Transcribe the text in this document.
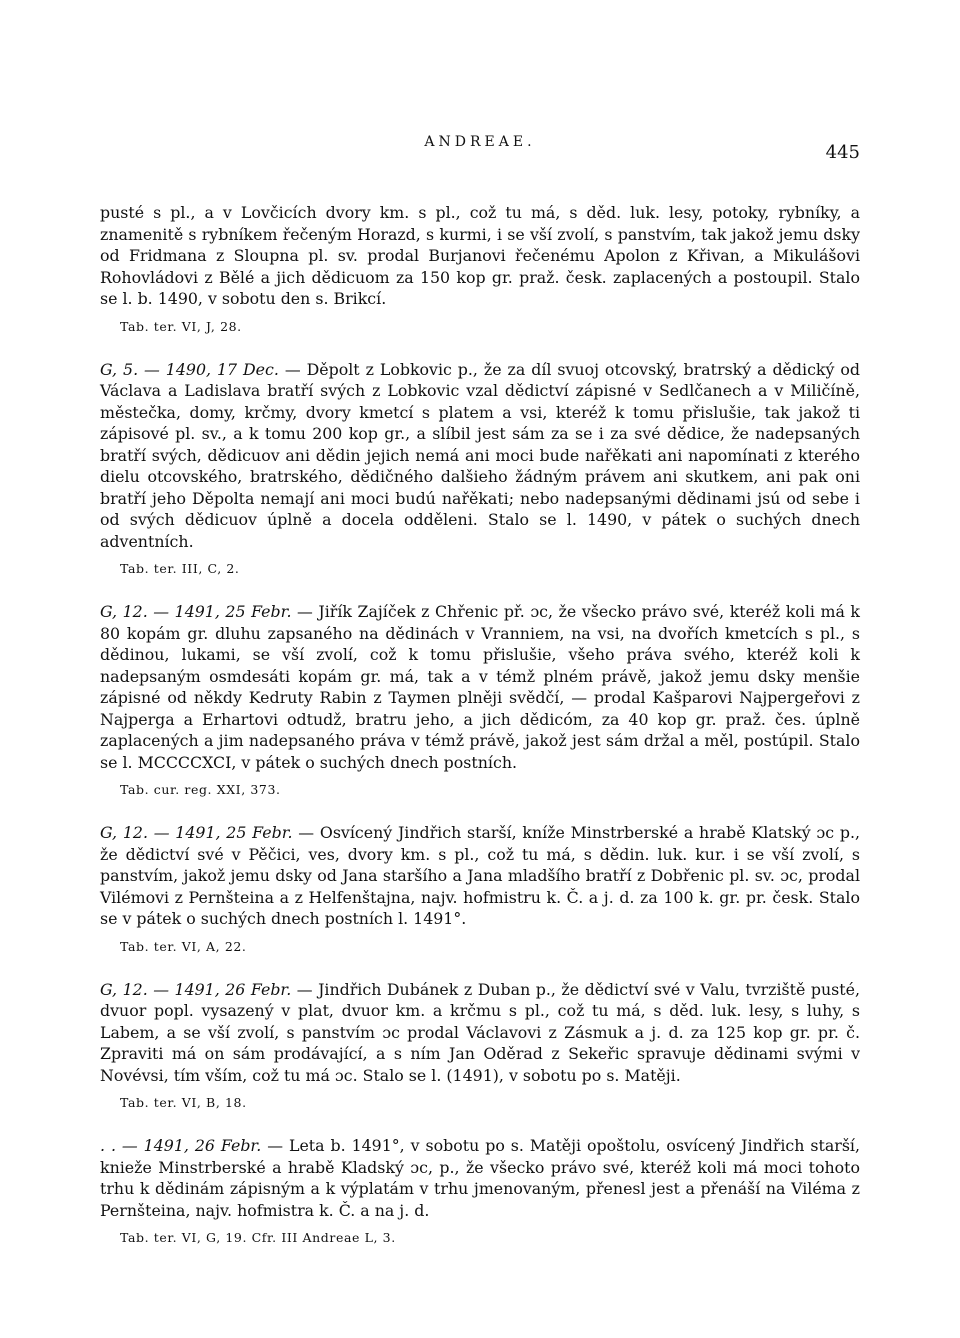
ANDREAE.	445

pusté s pl., a v Lovčicích dvory km. s pl., což tu má, s děd. luk. lesy, potoky, rybníky, a znamenitě s rybníkem řečeným Horazd, s kurmi, i se vší zvolí, s panstvím, tak jakož jemu dsky od Fridmana z Sloupna pl. sv. prodal Burjanovi řečenému Apolon z Křivan, a Mikulášovi Rohovládovi z Bělé a jich dědicuom za 150 kop gr. praž. česk. zaplacených a postoupil. Stalo se l. b. 1490, v sobotu den s. Brikcí.

Tab. ter. VI, J, 28.

G, 5. — 1490, 17 Dec. — Děpolt z Lobkovic p., že za díl svuoj otcovský, bratrský a dědický od Václava a Ladislava bratří svých z Lobkovic vzal dědictví zápisné v Sedlčanech a v Miličíně, městečka, domy, krčmy, dvory kmetcí s platem a vsi, kteréž k tomu přislušie, tak jakož ti zápisové pl. sv., a k tomu 200 kop gr., a slíbil jest sám za se i za své dědice, že nadepsaných bratří svých, dědicuov ani dědin jejich nemá ani moci bude nařěkati ani napomínati z kterého dielu otcovského, bratrského, dědičného dalšieho žádným právem ani skutkem, ani pak oni bratří jeho Děpolta nemají ani moci budú nařěkati; nebo nadepsanými dědinami jsú od sebe i od svých dědicuov úplně a docela odděleni. Stalo se l. 1490, v pátek o suchých dnech adventních.

Tab. ter. III, C, 2.

G, 12. — 1491, 25 Febr. — Jiřík Zajíček z Chřenic př. ɔc, že všecko právo své, kteréž koli má k 80 kopám gr. dluhu zapsaného na dědinách v Vranniem, na vsi, na dvořích kmetcích s pl., s dědinou, lukami, se vší zvolí, což k tomu přislušie, všeho práva svého, kteréž koli k nadepsaným osmdesáti kopám gr. má, tak a v témž plném právě, jakož jemu dsky menšie zápisné od někdy Kedruty Rabin z Taymen plněji svědčí, — prodal Kašparovi Najpergeřovi z Najperga a Erhartovi odtudž, bratru jeho, a jich dědicóm, za 40 kop gr. praž. čes. úplně zaplacených a jim nadepsaného práva v témž právě, jakož jest sám držal a měl, postúpil. Stalo se l. MCCCCXCI, v pátek o suchých dnech postních.

Tab. cur. reg. XXI, 373.

G, 12. — 1491, 25 Febr. — Osvícený Jindřich starší, kníže Minstrberské a hrabě Klatský ɔc p., že dědictví své v Pěčici, ves, dvory km. s pl., což tu má, s dědin. luk. kur. i se vší zvolí, s panstvím, jakož jemu dsky od Jana staršího a Jana mladšího bratří z Dobřenic pl. sv. ɔc, prodal Vilémovi z Pernšteina a z Helfenštajna, najv. hofmistru k. Č. a j. d. za 100 k. gr. pr. česk. Stalo se v pátek o suchých dnech postních l. 1491°.

Tab. ter. VI, A, 22.

G, 12. — 1491, 26 Febr. — Jindřich Dubánek z Duban p., že dědictví své v Valu, tvrziště pusté, dvuor popl. vysazený v plat, dvuor km. a krčmu s pl., což tu má, s děd. luk. lesy, s luhy, s Labem, a se vší zvolí, s panstvím ɔc prodal Václavovi z Zásmuk a j. d. za 125 kop gr. pr. č. Zpraviti má on sám prodávající, a s ním Jan Oděrad z Sekeřic spravuje dědinami svými v Novévsi, tím vším, což tu má ɔc. Stalo se l. (1491), v sobotu po s. Matěji.

Tab. ter. VI, B, 18.

. . — 1491, 26 Febr. — Leta b. 1491°, v sobotu po s. Matěji opoštolu, osvícený Jindřich starší, knieže Minstrberské a hrabě Kladský ɔc, p., že všecko právo své, kteréž koli má moci tohoto trhu k dědinám zápisným a k výplatám v trhu jmenovaným, přenesl jest a přenáší na Viléma z Pernšteina, najv. hofmistra k. Č. a na j. d.

Tab. ter. VI, G, 19. Cfr. III Andreae L, 3.
